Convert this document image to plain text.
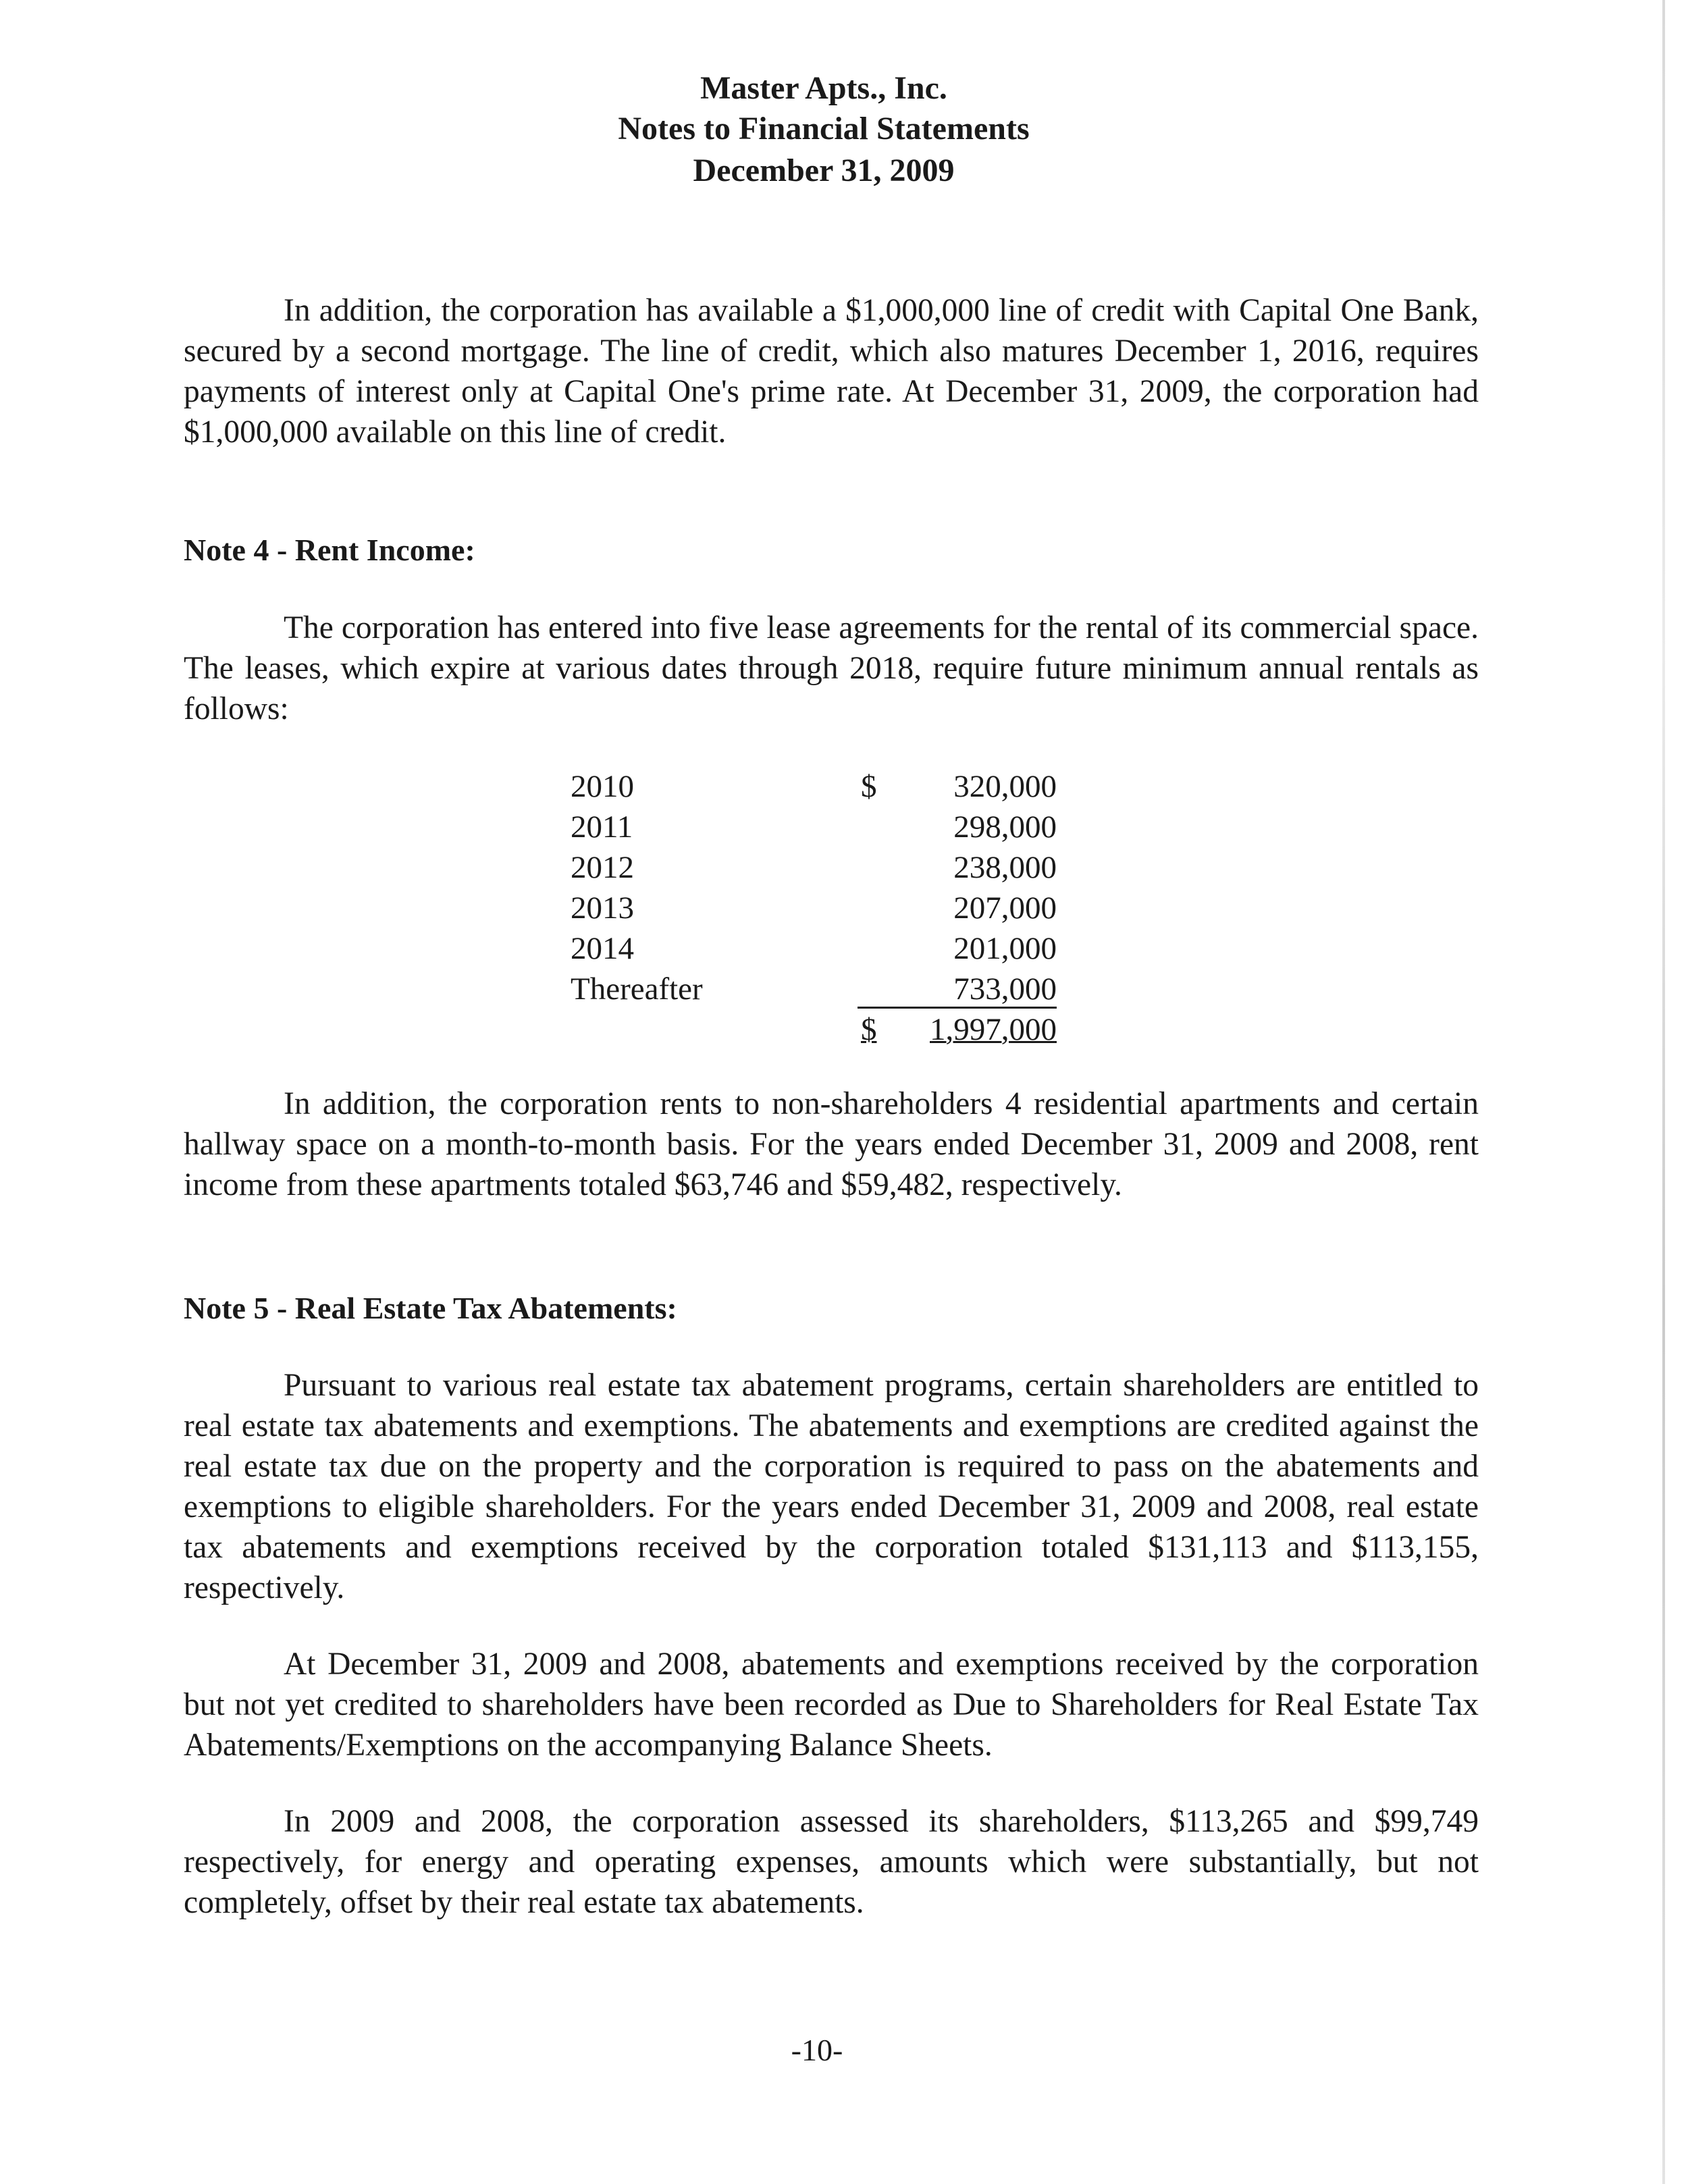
Master Apts., Inc.
Notes to Financial Statements
December 31, 2009
In addition, the corporation has available a $1,000,000 line of credit with Capital One Bank, secured by a second mortgage. The line of credit, which also matures December 1, 2016, requires payments of interest only at Capital One's prime rate. At December 31, 2009, the corporation had $1,000,000 available on this line of credit.
Note 4 - Rent Income:
The corporation has entered into five lease agreements for the rental of its commercial space. The leases, which expire at various dates through 2018, require future minimum annual rentals as follows:
2010	$	320,000
2011	298,000
2012	238,000
2013	207,000
2014	201,000
Thereafter	733,000
$	1,997,000
In addition, the corporation rents to non-shareholders 4 residential apartments and certain hallway space on a month-to-month basis. For the years ended December 31, 2009 and 2008, rent income from these apartments totaled $63,746 and $59,482, respectively.
Note 5 - Real Estate Tax Abatements:
Pursuant to various real estate tax abatement programs, certain shareholders are entitled to real estate tax abatements and exemptions. The abatements and exemptions are credited against the real estate tax due on the property and the corporation is required to pass on the abatements and exemptions to eligible shareholders. For the years ended December 31, 2009 and 2008, real estate tax abatements and exemptions received by the corporation totaled $131,113 and $113,155, respectively.
At December 31, 2009 and 2008, abatements and exemptions received by the corporation but not yet credited to shareholders have been recorded as Due to Shareholders for Real Estate Tax Abatements/Exemptions on the accompanying Balance Sheets.
In 2009 and 2008, the corporation assessed its shareholders, $113,265 and $99,749 respectively, for energy and operating expenses, amounts which were substantially, but not completely, offset by their real estate tax abatements.
-10-
